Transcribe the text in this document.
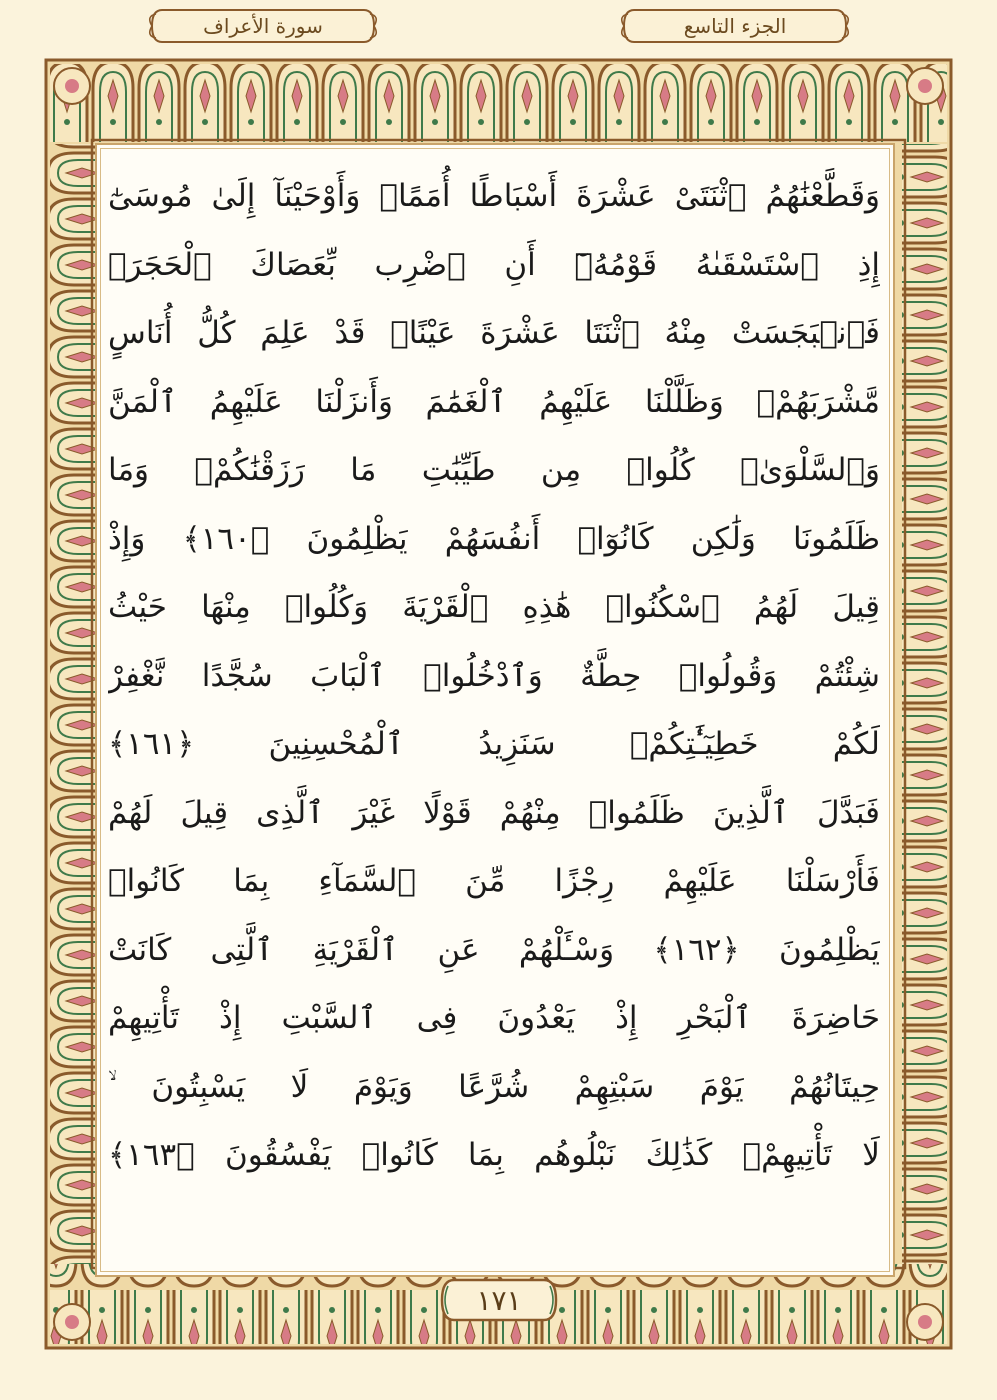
سورة الأعراف	الجزء التاسع
وَقَطَّعْنَٰهُمُ ٱثْنَتَىْ عَشْرَةَ أَسْبَاطًا أُمَمًاۚ وَأَوْحَيْنَآ إِلَىٰ مُوسَىٰٓ
إِذِ ٱسْتَسْقَىٰهُ قَوْمُهُۥٓ أَنِ ٱضْرِب بِّعَصَاكَ ٱلْحَجَرَۖ
فَٱنۢبَجَسَتْ مِنْهُ ٱثْنَتَا عَشْرَةَ عَيْنًاۖ قَدْ عَلِمَ كُلُّ أُنَاسٍ
مَّشْرَبَهُمْۚ وَظَلَّلْنَا عَلَيْهِمُ ٱلْغَمَٰمَ وَأَنزَلْنَا عَلَيْهِمُ ٱلْمَنَّ
وَٱلسَّلْوَىٰۖ كُلُوا۟ مِن طَيِّبَٰتِ مَا رَزَقْنَٰكُمْۚ وَمَا
ظَلَمُونَا وَلَٰكِن كَانُوٓا۟ أَنفُسَهُمْ يَظْلِمُونَ ﴿١٦٠﴾ وَإِذْ
قِيلَ لَهُمُ ٱسْكُنُوا۟ هَٰذِهِ ٱلْقَرْيَةَ وَكُلُوا۟ مِنْهَا حَيْثُ
شِئْتُمْ وَقُولُوا۟ حِطَّةٌ وَٱدْخُلُوا۟ ٱلْبَابَ سُجَّدًا نَّغْفِرْ
لَكُمْ خَطِيٓـَٰٔتِكُمْۚ سَنَزِيدُ ٱلْمُحْسِنِينَ ﴿١٦١﴾
فَبَدَّلَ ٱلَّذِينَ ظَلَمُوا۟ مِنْهُمْ قَوْلًا غَيْرَ ٱلَّذِى قِيلَ لَهُمْ
فَأَرْسَلْنَا عَلَيْهِمْ رِجْزًا مِّنَ ٱلسَّمَآءِ بِمَا كَانُوا۟
يَظْلِمُونَ ﴿١٦٢﴾ وَسْـَٔلْهُمْ عَنِ ٱلْقَرْيَةِ ٱلَّتِى كَانَتْ
حَاضِرَةَ ٱلْبَحْرِ إِذْ يَعْدُونَ فِى ٱلسَّبْتِ إِذْ تَأْتِيهِمْ
حِيتَانُهُمْ يَوْمَ سَبْتِهِمْ شُرَّعًا وَيَوْمَ لَا يَسْبِتُونَ ۙ
لَا تَأْتِيهِمْۚ كَذَٰلِكَ نَبْلُوهُم بِمَا كَانُوا۟ يَفْسُقُونَ ﴿١٦٣﴾
١٧١
